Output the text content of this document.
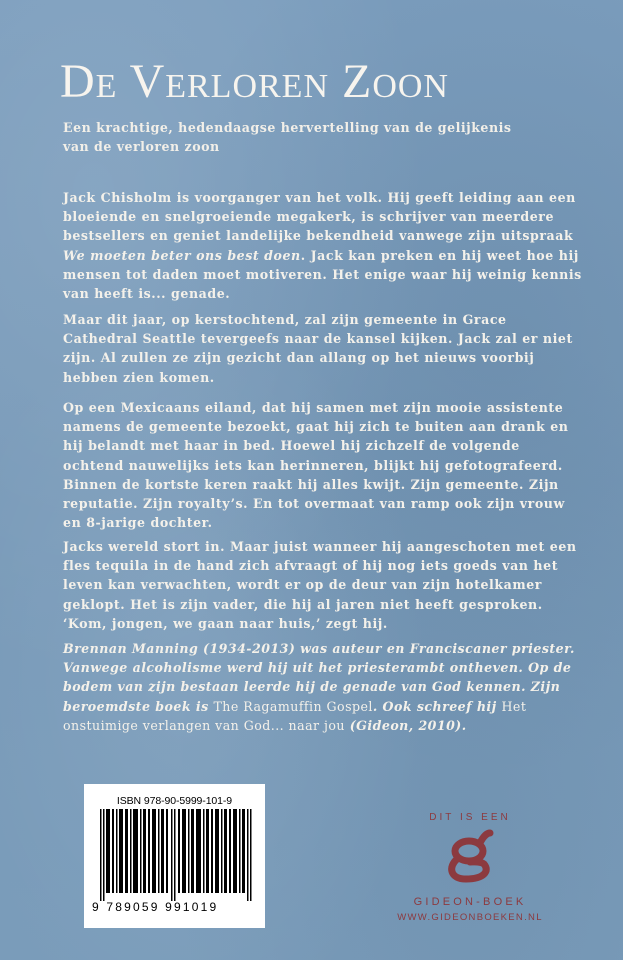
De Verloren Zoon
Een krachtige, hedendaagse hervertelling van de gelijkenis
van de verloren zoon

Jack Chisholm is voorganger van het volk. Hij geeft leiding aan een bloeiende en snelgroeiende megakerk, is schrijver van meerdere bestsellers en geniet landelijke bekendheid vanwege zijn uitspraak We moeten beter ons best doen. Jack kan preken en hij weet hoe hij mensen tot daden moet motiveren. Het enige waar hij weinig kennis van heeft is... genade.

Maar dit jaar, op kerstochtend, zal zijn gemeente in Grace Cathedral Seattle tevergeefs naar de kansel kijken. Jack zal er niet zijn. Al zullen ze zijn gezicht dan allang op het nieuws voorbij hebben zien komen.

Op een Mexicaans eiland, dat hij samen met zijn mooie assistente namens de gemeente bezoekt, gaat hij zich te buiten aan drank en hij belandt met haar in bed. Hoewel hij zichzelf de volgende ochtend nauwelijks iets kan herinneren, blijkt hij gefotografeerd. Binnen de kortste keren raakt hij alles kwijt. Zijn gemeente. Zijn reputatie. Zijn royalty’s. En tot overmaat van ramp ook zijn vrouw en 8-jarige dochter.

Jacks wereld stort in. Maar juist wanneer hij aangeschoten met een fles tequila in de hand zich afvraagt of hij nog iets goeds van het leven kan verwachten, wordt er op de deur van zijn hotelkamer geklopt. Het is zijn vader, die hij al jaren niet heeft gesproken. ‘Kom, jongen, we gaan naar huis,’ zegt hij.

Brennan Manning (1934-2013) was auteur en Franciscaner priester. Vanwege alcoholisme werd hij uit het priesterambt ontheven. Op de bodem van zijn bestaan leerde hij de genade van God kennen. Zijn beroemdste boek is The Ragamuffin Gospel. Ook schreef hij Het onstuimige verlangen van God... naar jou (Gideon, 2010).
ISBN 978-90-5999-101-9
9 789059 991019
DIT IS EEN
GIDEON-BOEK
WWW.GIDEONBOEKEN.NL
